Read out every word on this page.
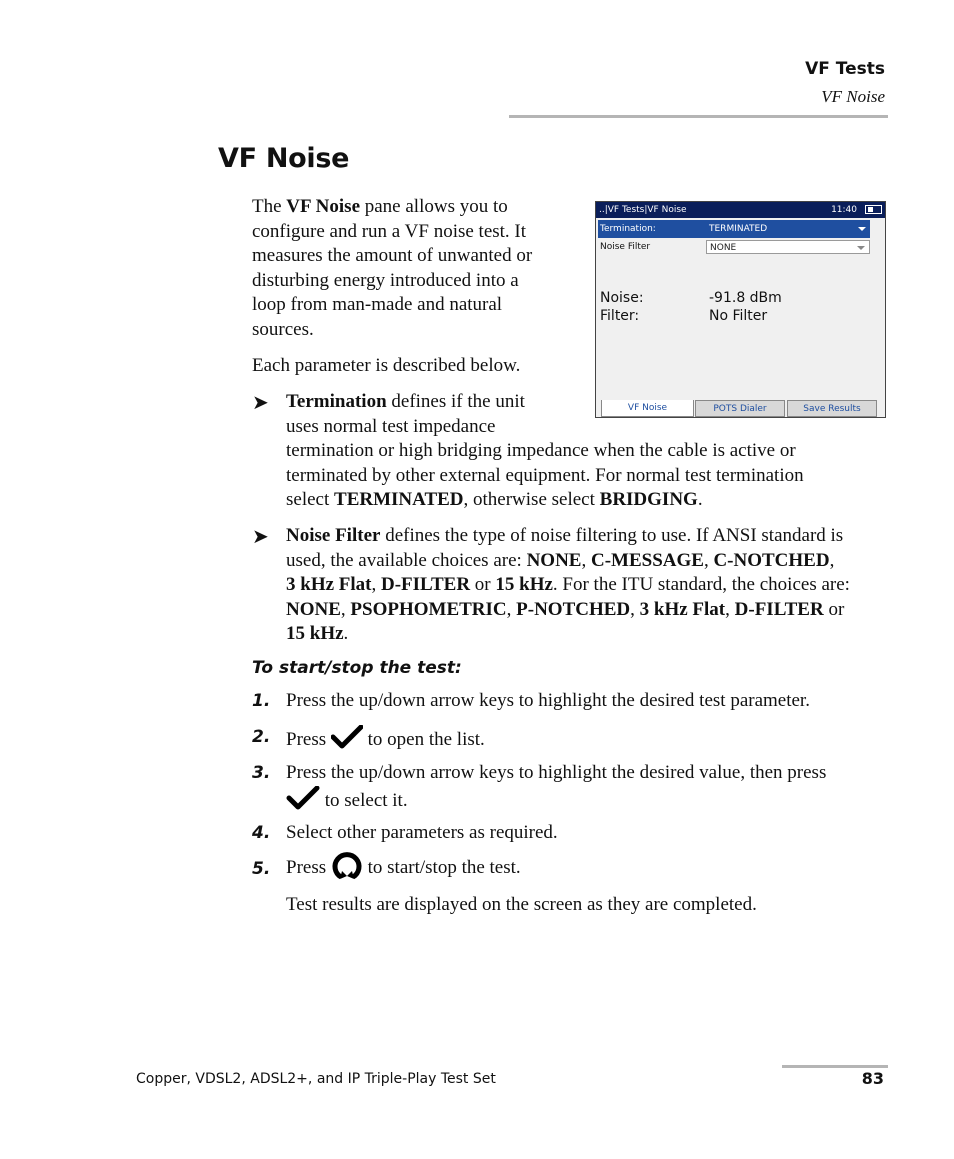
VF Tests
VF Noise
VF Noise
The VF Noise pane allows you to
configure and run a VF noise test. It
measures the amount of unwanted or
disturbing energy introduced into a
loop from man-made and natural
sources.
Each parameter is described below.
➤ Termination defines if the unit
uses normal test impedance
termination or high bridging impedance when the cable is active or
terminated by other external equipment. For normal test termination
select TERMINATED, otherwise select BRIDGING.
➤ Noise Filter defines the type of noise filtering to use. If ANSI standard is
used, the available choices are: NONE, C-MESSAGE, C-NOTCHED,
3 kHz Flat, D-FILTER or 15 kHz. For the ITU standard, the choices are:
NONE, PSOPHOMETRIC, P-NOTCHED, 3 kHz Flat, D-FILTER or
15 kHz.
To start/stop the test:
1. Press the up/down arrow keys to highlight the desired test parameter.
2. Press  to open the list.
3. Press the up/down arrow keys to highlight the desired value, then press
to select it.
4. Select other parameters as required.
5. Press  to start/stop the test.
Test results are displayed on the screen as they are completed.
..|VF Tests|VF Noise	11:40
Termination:	TERMINATED
Noise Filter	NONE
Noise:	-91.8 dBm
Filter:	No Filter
VF Noise	POTS Dialer	Save Results
Copper, VDSL2, ADSL2+, and IP Triple-Play Test Set	83
